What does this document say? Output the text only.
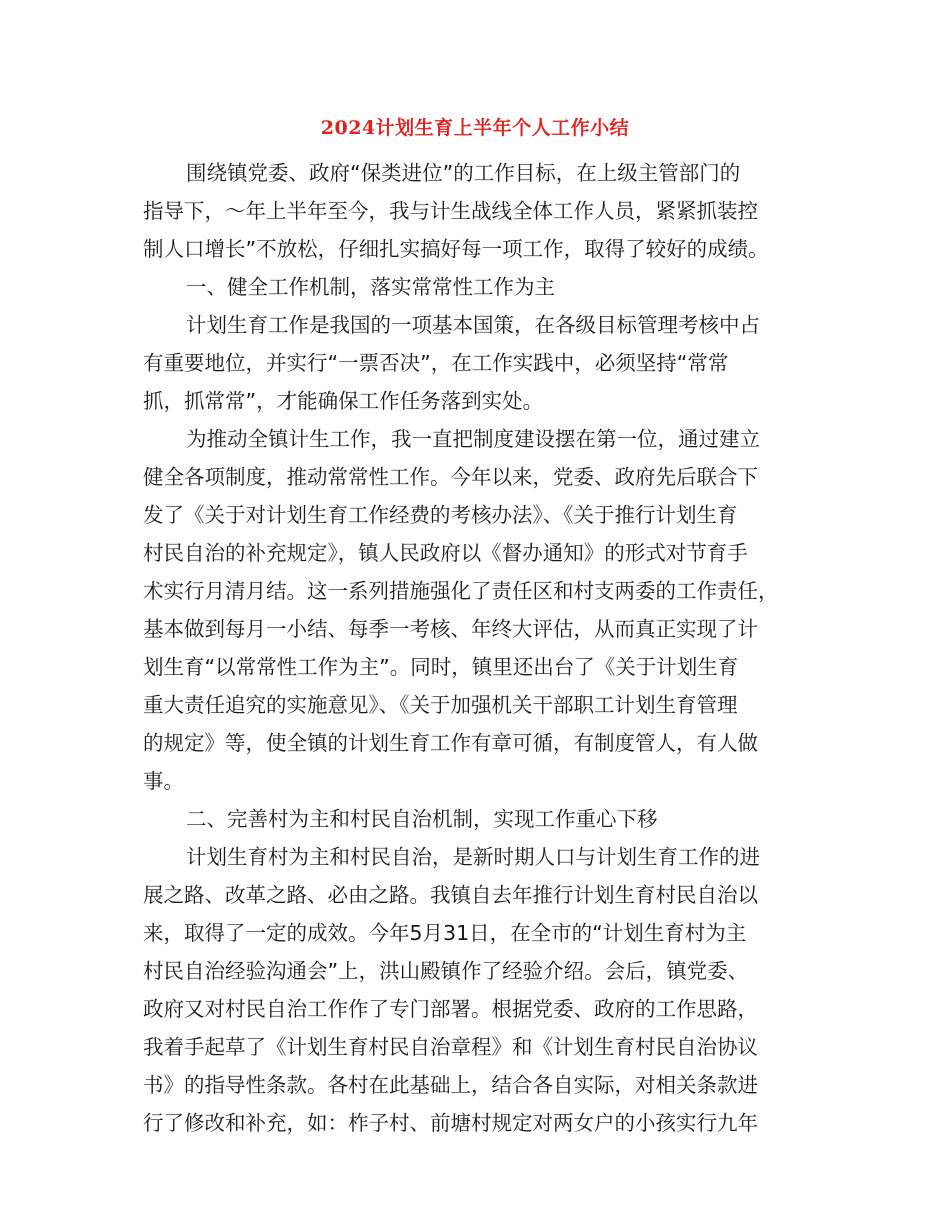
2024计划生育上半年个人工作小结
围绕镇党委、政府“保类进位”的工作目标，在上级主管部门的
指导下，～年上半年至今，我与计生战线全体工作人员，紧紧抓装控
制人口增长”不放松，仔细扎实搞好每一项工作，取得了较好的成绩。
一、健全工作机制，落实常常性工作为主
计划生育工作是我国的一项基本国策，在各级目标管理考核中占
有重要地位，并实行“一票否决”，在工作实践中，必须坚持“常常
抓，抓常常”，才能确保工作任务落到实处。
为推动全镇计生工作，我一直把制度建设摆在第一位，通过建立
健全各项制度，推动常常性工作。今年以来，党委、政府先后联合下
发了《关于对计划生育工作经费的考核办法》、《关于推行计划生育
村民自治的补充规定》，镇人民政府以《督办通知》的形式对节育手
术实行月清月结。这一系列措施强化了责任区和村支两委的工作责任，
基本做到每月一小结、每季一考核、年终大评估，从而真正实现了计
划生育“以常常性工作为主”。同时，镇里还出台了《关于计划生育
重大责任追究的实施意见》、《关于加强机关干部职工计划生育管理
的规定》等，使全镇的计划生育工作有章可循，有制度管人，有人做
事。
二、完善村为主和村民自治机制，实现工作重心下移
计划生育村为主和村民自治，是新时期人口与计划生育工作的进
展之路、改革之路、必由之路。我镇自去年推行计划生育村民自治以
来，取得了一定的成效。今年5月31日，在全市的“计划生育村为主
村民自治经验沟通会”上，洪山殿镇作了经验介绍。会后，镇党委、
政府又对村民自治工作作了专门部署。根据党委、政府的工作思路，
我着手起草了《计划生育村民自治章程》和《计划生育村民自治协议
书》的指导性条款。各村在此基础上，结合各自实际，对相关条款进
行了修改和补充，如：柞子村、前塘村规定对两女户的小孩实行九年
